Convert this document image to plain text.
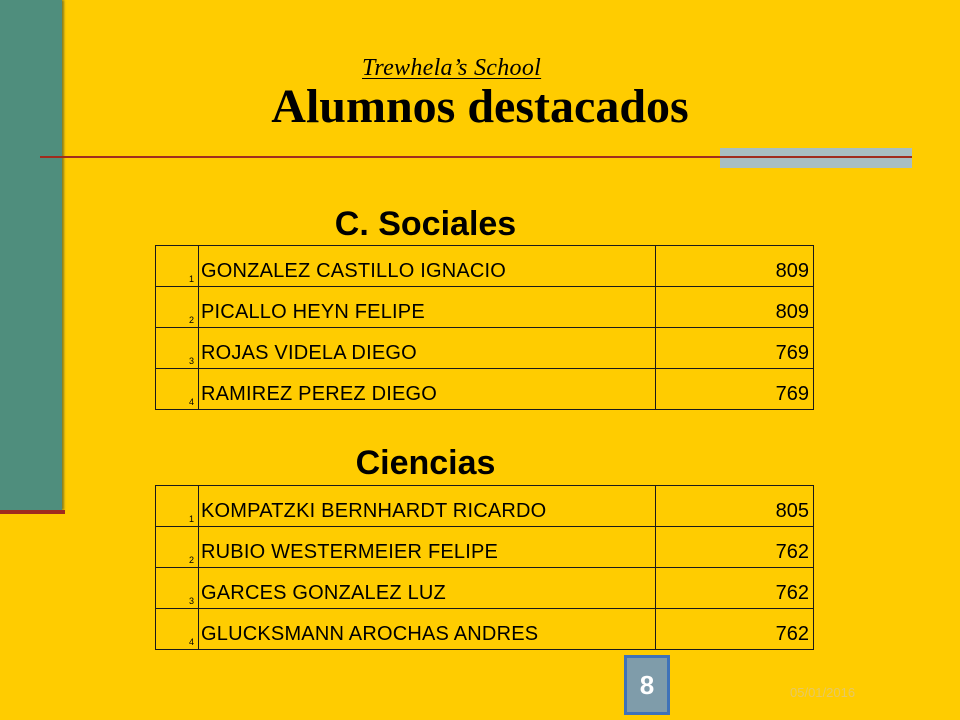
Trewhela’s School
Alumnos destacados
C. Sociales
1	GONZALEZ CASTILLO IGNACIO	809
2	PICALLO HEYN FELIPE	809
3	ROJAS VIDELA DIEGO	769
4	RAMIREZ PEREZ DIEGO	769
Ciencias
1	KOMPATZKI BERNHARDT RICARDO	805
2	RUBIO WESTERMEIER FELIPE	762
3	GARCES GONZALEZ LUZ	762
4	GLUCKSMANN AROCHAS ANDRES	762
8	05/01/2016
